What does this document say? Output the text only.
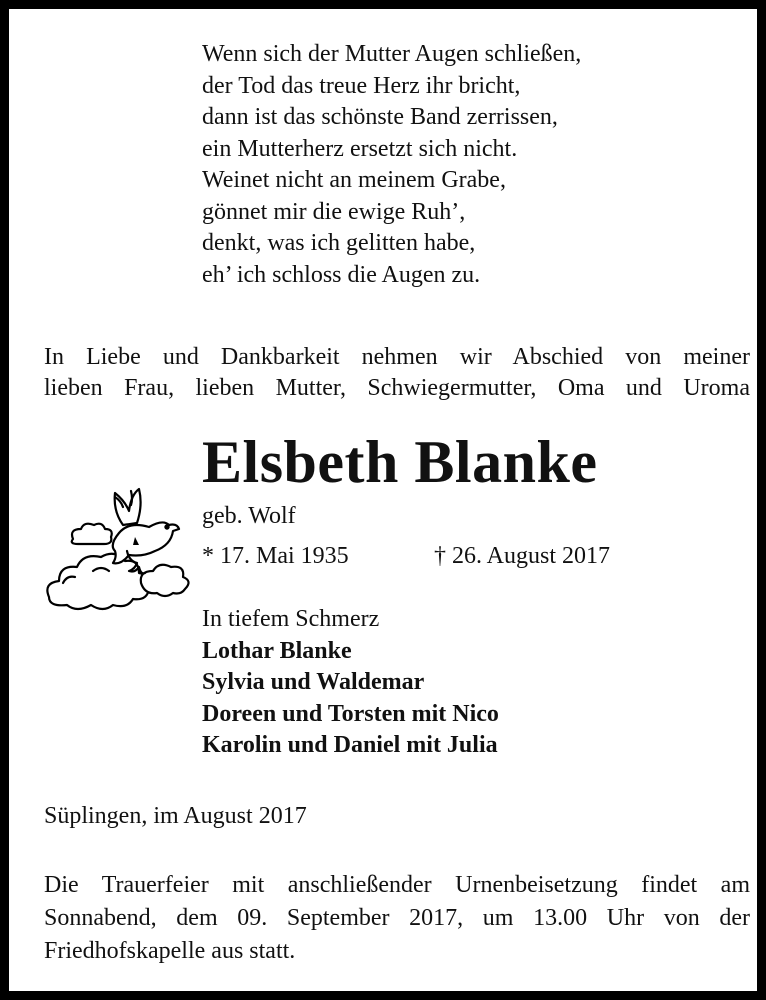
Wenn sich der Mutter Augen schließen,
der Tod das treue Herz ihr bricht,
dann ist das schönste Band zerrissen,
ein Mutterherz ersetzt sich nicht.
Weinet nicht an meinem Grabe,
gönnet mir die ewige Ruh’,
denkt, was ich gelitten habe,
eh’ ich schloss die Augen zu.
In Liebe und Dankbarkeit nehmen wir Abschied von meiner
lieben Frau, lieben Mutter, Schwiegermutter, Oma und Uroma
Elsbeth Blanke
geb. Wolf
* 17. Mai 1935	† 26. August 2017
In tiefem Schmerz
Lothar Blanke
Sylvia und Waldemar
Doreen und Torsten mit Nico
Karolin und Daniel mit Julia
Süplingen, im August 2017
Die Trauerfeier mit anschließender Urnenbeisetzung findet am
Sonnabend, dem 09. September 2017, um 13.00 Uhr von der
Friedhofskapelle aus statt.
